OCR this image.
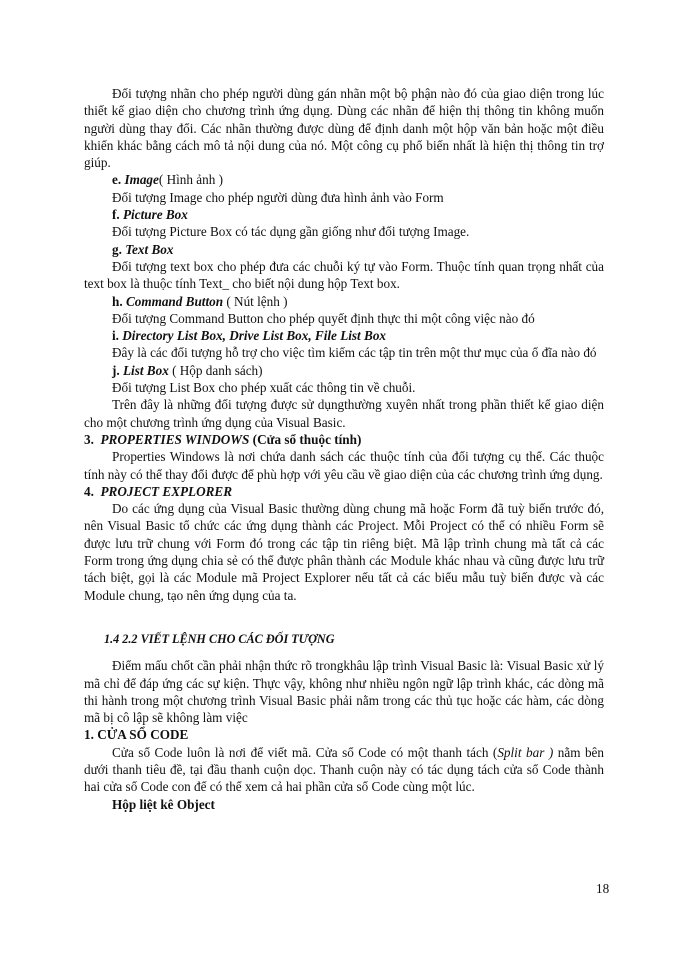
Đối tượng nhãn cho phép người dùng gán nhãn một bộ phận nào đó của giao diện trong lúc thiết kế giao diện cho chương trình ứng dụng. Dùng các nhãn để hiện thị thông tin không muốn người dùng thay đổi. Các nhãn thường được dùng để định danh một hộp văn bản hoặc một điều khiển khác bằng cách mô tả nội dung của nó. Một công cụ phổ biến nhất là hiện thị thông tin trợ giúp.

e. Image( Hình ảnh )

Đối tượng Image cho phép người dùng đưa hình ảnh vào Form

f. Picture Box

Đối tượng Picture Box có tác dụng gần giống như đối tượng Image.

g. Text Box

Đối tượng text box cho phép đưa các chuỗi ký tự vào Form. Thuộc tính quan trọng nhất của text box là thuộc tính Text_ cho biết nội dung hộp Text box.

h. Command Button ( Nút lệnh )

Đối tượng Command Button cho phép quyết định thực thi một công việc nào đó

i. Directory List Box, Drive List Box, File List Box

Đây là các đối tượng hỗ trợ cho việc tìm kiếm các tập tin trên một thư mục của ổ đĩa nào đó

j. List Box ( Hộp danh sách)

Đối tượng List Box cho phép xuất các thông tin về chuỗi.

Trên đây là những đối tượng được sử dụngthường xuyên nhất trong phần thiết kế giao diện cho một chương trình ứng dụng của Visual Basic.

3. PROPERTIES WINDOWS (Cửa sổ thuộc tính)

Properties Windows là nơi chứa danh sách các thuộc tính của đối tượng cụ thể. Các thuộc tính này có thể thay đổi được để phù hợp với yêu cầu về giao diện của các chương trình ứng dụng.

4. PROJECT EXPLORER

Do các ứng dụng của Visual Basic thường dùng chung mã hoặc Form đã tuỳ biến trước đó, nên Visual Basic tổ chức các ứng dụng thành các Project. Mỗi Project có thể có nhiều Form sẽ được lưu trữ chung với Form đó trong các tập tin riêng biệt. Mã lập trình chung mà tất cả các Form trong ứng dụng chia sẻ có thể được phân thành các Module khác nhau và cũng được lưu trữ tách biệt, gọi là các Module mã Project Explorer nếu tất cả các biểu mẫu tuỳ biến được và các Module chung, tạo nên ứng dụng của ta.

1.4 2.2 VIẾT LỆNH CHO CÁC ĐỐI TƯỢNG

Điểm mấu chốt cần phải nhận thức rõ trongkhâu lập trình Visual Basic là: Visual Basic xử lý mã chỉ để đáp ứng các sự kiện. Thực vậy, không như nhiều ngôn ngữ lập trình khác, các dòng mã thi hành trong một chương trình Visual Basic phải nằm trong các thủ tục hoặc các hàm, các dòng mã bị cô lập sẽ không làm việc

1. CỬA SỔ CODE

Cửa sổ Code luôn là nơi để viết mã. Cửa sổ Code có một thanh tách (Split bar ) nằm bên dưới thanh tiêu đề, tại đầu thanh cuộn dọc. Thanh cuộn này có tác dụng tách cửa sổ Code thành hai cửa sổ Code con để có thể xem cả hai phần cửa sổ Code cùng một lúc.

Hộp liệt kê Object

18
